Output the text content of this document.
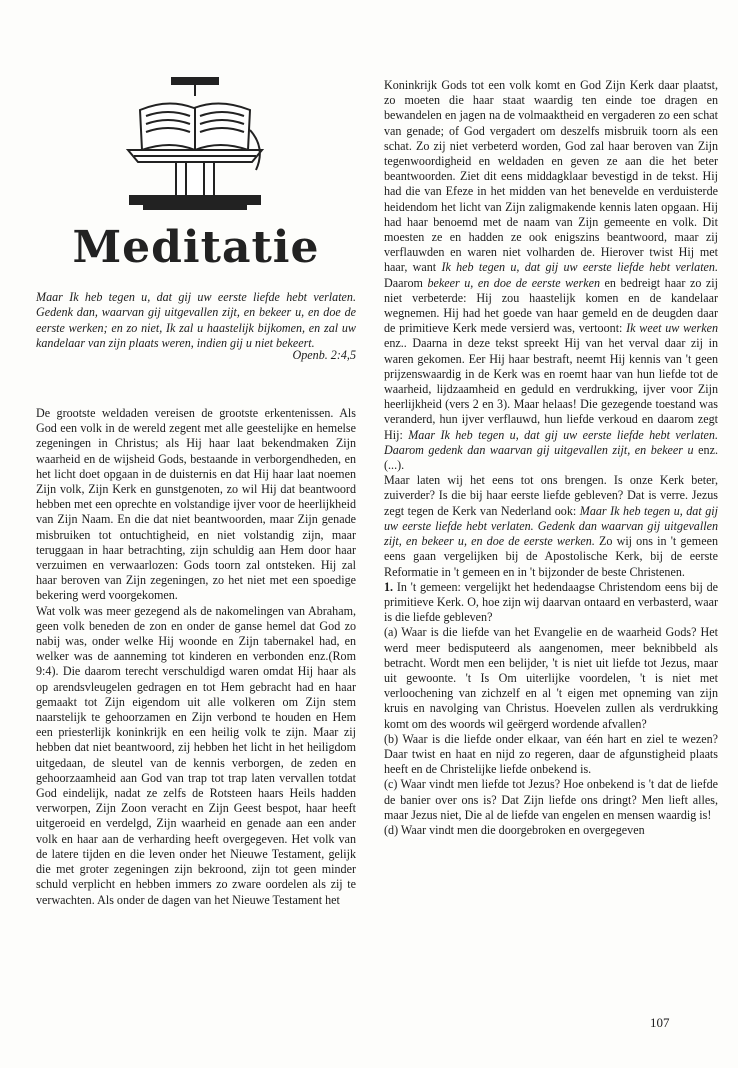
Meditatie
Maar Ik heb tegen u, dat gij uw eerste liefde hebt verlaten. Gedenk dan, waarvan gij uitgevallen zijt, en bekeer u, en doe de eerste werken; en zo niet, Ik zal u haastelijk bijkomen, en zal uw kandelaar van zijn plaats weren, indien gij u niet bekeert.
Openb. 2:4,5

De grootste weldaden vereisen de grootste erkentenissen. Als God een volk in de wereld zegent met alle geestelijke en hemelse zegeningen in Christus; als Hij haar laat bekendmaken Zijn waarheid en de wijsheid Gods, bestaande in verborgendheden, en het licht doet opgaan in de duisternis en dat Hij haar laat noemen Zijn volk, Zijn Kerk en gunstgenoten, zo wil Hij dat beantwoord hebben met een oprechte en volstandige ijver voor de heerlijkheid van Zijn Naam. En die dat niet beantwoorden, maar Zijn genade misbruiken tot ontuchtigheid, en niet volstandig zijn, maar teruggaan in haar betrachting, zijn schuldig aan Hem door haar verzuimen en verwaarlozen: Gods toorn zal ontsteken. Hij zal haar beroven van Zijn zegeningen, zo het niet met een spoedige bekering werd voorgekomen.

Wat volk was meer gezegend als de nakomelingen van Abraham, geen volk beneden de zon en onder de ganse hemel dat God zo nabij was, onder welke Hij woonde en Zijn tabernakel had, en welker was de aanneming tot kinderen en verbonden enz.(Rom 9:4). Die daarom terecht verschuldigd waren omdat Hij haar als op arendsvleugelen gedragen en tot Hem gebracht had en haar gemaakt tot Zijn eigendom uit alle volkeren om Zijn stem naarstelijk te gehoorzamen en Zijn verbond te houden en Hem een priesterlijk koninkrijk en een heilig volk te zijn. Maar zij hebben dat niet beantwoord, zij hebben het licht in het heiligdom uitgedaan, de sleutel van de kennis verborgen, de zeden en gehoorzaamheid aan God van trap tot trap laten vervallen totdat God eindelijk, nadat ze zelfs de Rotsteen haars Heils hadden verworpen, Zijn Zoon veracht en Zijn Geest bespot, haar heeft uitgeroeid en verdelgd, Zijn waarheid en genade aan een ander volk en haar aan de verharding heeft overgegeven. Het volk van de latere tijden en die leven onder het Nieuwe Testament, gelijk die met groter zegeningen zijn bekroond, zijn tot geen minder schuld verplicht en hebben immers zo zware oordelen als zij te verwachten. Als onder de dagen van het Nieuwe Testament het

Koninkrijk Gods tot een volk komt en God Zijn Kerk daar plaatst, zo moeten die haar staat waardig ten einde toe dragen en bewandelen en jagen na de volmaaktheid en vergaderen zo een schat van genade; of God vergadert om deszelfs misbruik toorn als een schat. Zo zij niet verbeterd worden, God zal haar beroven van Zijn tegenwoordigheid en weldaden en geven ze aan die het beter beantwoorden. Ziet dit eens middagklaar bevestigd in de tekst. Hij had die van Efeze in het midden van het benevelde en verduisterde heidendom het licht van Zijn zaligmakende kennis laten opgaan. Hij had haar benoemd met de naam van Zijn gemeente en volk. Dit moesten ze en hadden ze ook enigszins beantwoord, maar zij verflauwden en waren niet volharden de. Hierover twist Hij met haar, want Ik heb tegen u, dat gij uw eerste liefde hebt verlaten. Daarom bekeer u, en doe de eerste werken en bedreigt haar zo zij niet verbeterde: Hij zou haastelijk komen en de kandelaar wegnemen. Hij had het goede van haar gemeld en de deugden daar de primitieve Kerk mede versierd was, vertoont: Ik weet uw werken enz.. Daarna in deze tekst spreekt Hij van het verval daar zij in waren gekomen. Eer Hij haar bestraft, neemt Hij kennis van 't geen prijzenswaardig in de Kerk was en roemt haar van hun liefde tot de waarheid, lijdzaamheid en geduld en verdrukking, ijver voor Zijn heerlijkheid (vers 2 en 3). Maar helaas! Die gezegende toestand was veranderd, hun ijver verflauwd, hun liefde verkoud en daarom zegt Hij: Maar Ik heb tegen u, dat gij uw eerste liefde hebt verlaten. Daarom gedenk dan waarvan gij uitgevallen zijt, en bekeer u enz. (...).

Maar laten wij het eens tot ons brengen. Is onze Kerk beter, zuiverder? Is die bij haar eerste liefde gebleven? Dat is verre. Jezus zegt tegen de Kerk van Nederland ook: Maar Ik heb tegen u, dat gij uw eerste liefde hebt verlaten. Gedenk dan waarvan gij uitgevallen zijt, en bekeer u, en doe de eerste werken. Zo wij ons in 't gemeen eens gaan vergelijken bij de Apostolische Kerk, bij de eerste Reformatie in 't gemeen en in 't bijzonder de beste Christenen.

1. In 't gemeen: vergelijkt het hedendaagse Christendom eens bij de primitieve Kerk. O, hoe zijn wij daarvan ontaard en verbasterd, waar is die liefde gebleven?

(a) Waar is die liefde van het Evangelie en de waarheid Gods? Het werd meer bedisputeerd als aangenomen, meer beknibbeld als betracht. Wordt men een belijder, 't is niet uit liefde tot Jezus, maar uit gewoonte. 't Is Om uiterlijke voordelen, 't is niet met verloochening van zichzelf en al 't eigen met opneming van zijn kruis en navolging van Christus. Hoevelen zullen als verdrukking komt om des woords wil geërgerd wordende afvallen?

(b) Waar is die liefde onder elkaar, van één hart en ziel te wezen? Daar twist en haat en nijd zo regeren, daar de afgunstigheid plaats heeft en de Christelijke liefde onbekend is.

(c) Waar vindt men liefde tot Jezus? Hoe onbekend is 't dat de liefde de banier over ons is? Dat Zijn liefde ons dringt? Men lieft alles, maar Jezus niet, Die al de liefde van engelen en mensen waardig is!

(d) Waar vindt men die doorgebroken en overgegeven

107
